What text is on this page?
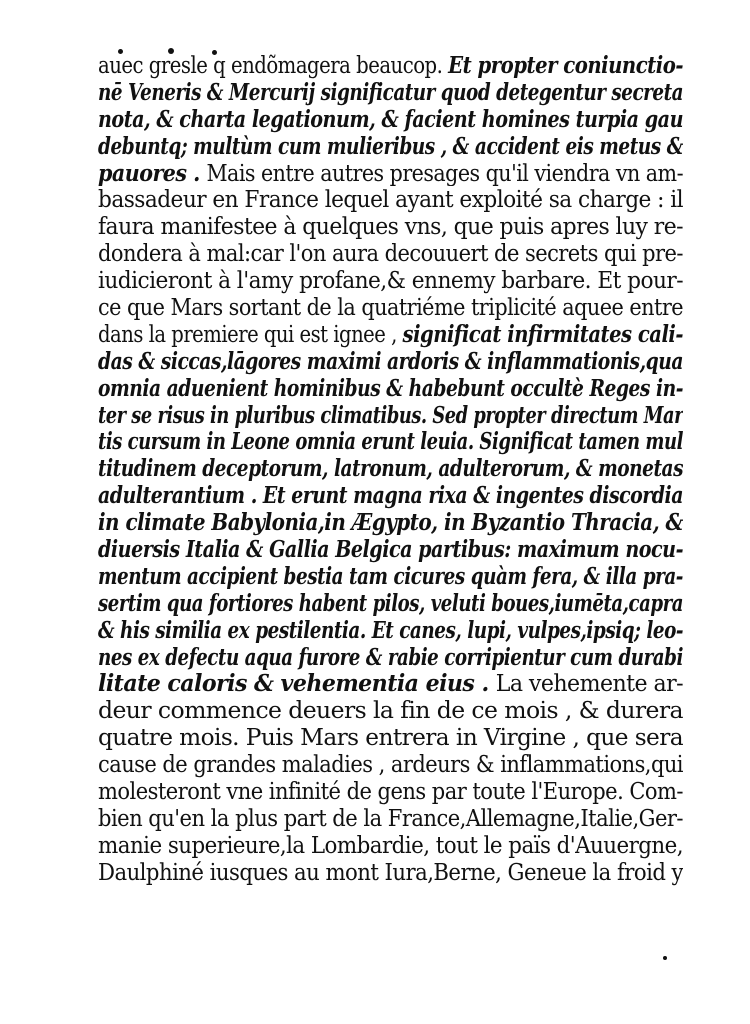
auec gresle q endõmagera beaucop. Et propter coniunctio-
nē Veneris & Mercurij significatur quod detegentur secreta
nota, & charta legationum, & facient homines turpia gau
debuntq; multùm cum mulieribus , & accident eis metus &
pauores . Mais entre autres presages qu'il viendra vn am-
bassadeur en France lequel ayant exploité sa charge : il
faura manifestee à quelques vns, que puis apres luy re-
dondera à mal:car l'on aura decouuert de secrets qui pre-
iudicieront à l'amy profane,& ennemy barbare. Et pour-
ce que Mars sortant de la quatriéme triplicité aquee entre
dans la premiere qui est ignee , significat infirmitates cali-
das & siccas,lāgores maximi ardoris & inflammationis,qua
omnia aduenient hominibus & habebunt occultè Reges in-
ter se risus in pluribus climatibus. Sed propter directum Mar
tis cursum in Leone omnia erunt leuia. Significat tamen mul
titudinem deceptorum, latronum, adulterorum, & monetas
adulterantium . Et erunt magna rixa & ingentes discordia
in climate Babylonia,in Ægypto, in Byzantio Thracia, &
diuersis Italia & Gallia Belgica partibus: maximum nocu-
mentum accipient bestia tam cicures quàm fera, & illa pra-
sertim qua fortiores habent pilos, veluti boues,iumēta,capra
& his similia ex pestilentia. Et canes, lupi, vulpes,ipsiq; leo-
nes ex defectu aqua furore & rabie corripientur cum durabi
litate caloris & vehementia eius . La vehemente ar-
deur commence deuers la fin de ce mois , & durera
quatre mois. Puis Mars entrera in Virgine , que sera
cause de grandes maladies , ardeurs & inflammations,qui
molesteront vne infinité de gens par toute l'Europe. Com-
bien qu'en la plus part de la France,Allemagne,Italie,Ger-
manie superieure,la Lombardie, tout le païs d'Auuergne,
Daulphiné iusques au mont Iura,Berne, Geneue la froid y
